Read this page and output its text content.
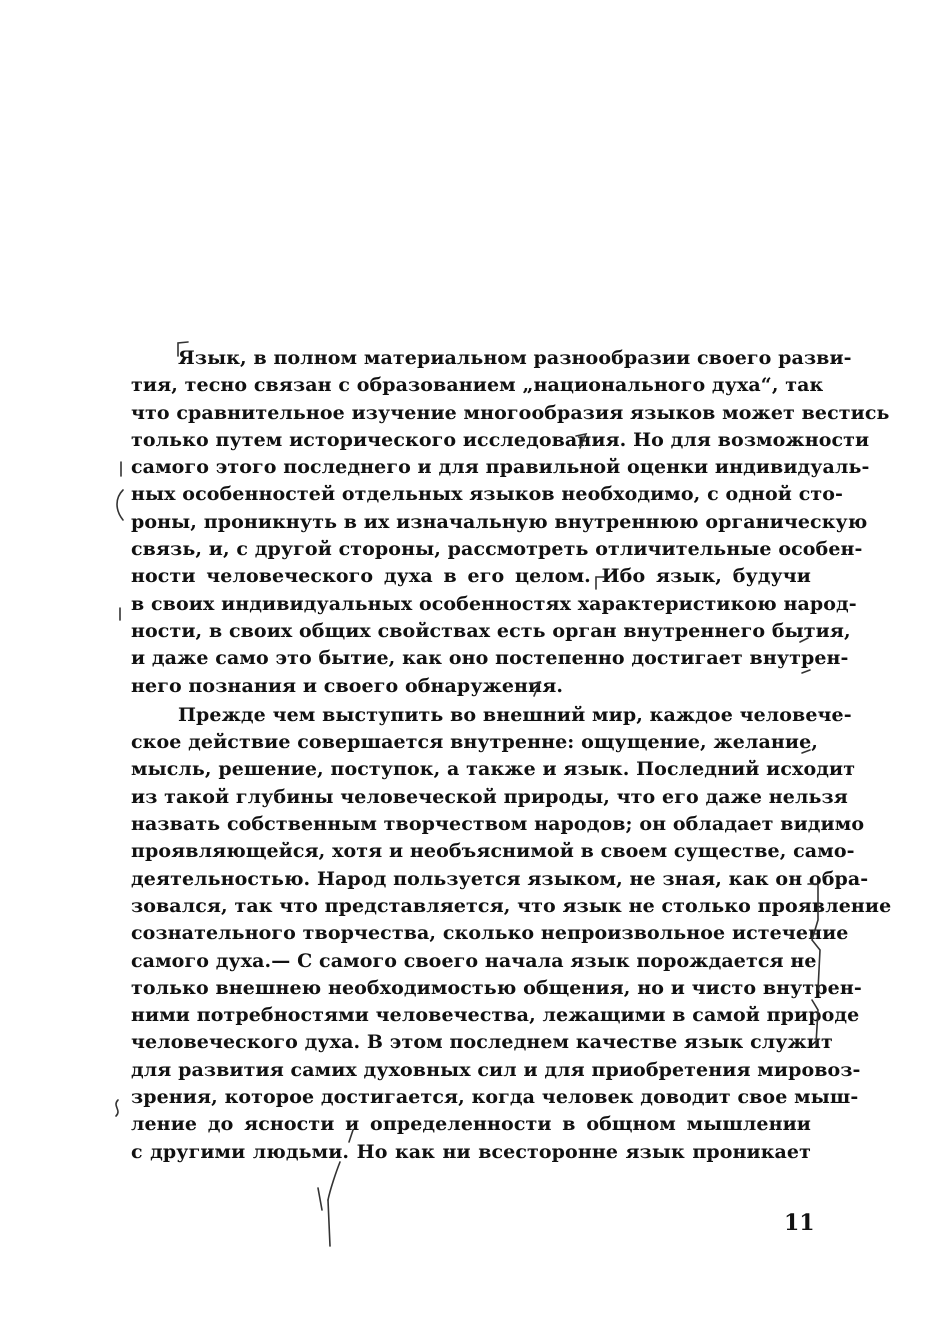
Язык, в полном материальном разнообразии своего разви-
тия, тесно связан с образованием „национального духа“, так
что сравнительное изучение многообразия языков может вестись
только путем исторического исследования. Но для возможности
самого этого последнего и для правильной оценки индивидуаль-
ных особенностей отдельных языков необходимо, с одной сто-
роны, проникнуть в их изначальную внутреннюю органическую
связь, и, с другой стороны, рассмотреть отличительные особен-
ности человеческого духа в его целом. Ибо язык, будучи
в своих индивидуальных особенностях характеристикою народ-
ности, в своих общих свойствах есть орган внутреннего бытия,
и даже само это бытие, как оно постепенно достигает внутрен-
него познания и своего обнаружения.

Прежде чем выступить во внешний мир, каждое человече-
ское действие совершается внутренне: ощущение, желание,
мысль, решение, поступок, а также и язык. Последний исходит
из такой глубины человеческой природы, что его даже нельзя
назвать собственным творчеством народов; он обладает видимо
проявляющейся, хотя и необъяснимой в своем существе, само-
деятельностью. Народ пользуется языком, не зная, как он обра-
зовался, так что представляется, что язык не столько проявление
сознательного творчества, сколько непроизвольное истечение
самого духа.— С самого своего начала язык порождается не
только внешнею необходимостью общения, но и чисто внутрен-
ними потребностями человечества, лежащими в самой природе
человеческого духа. В этом последнем качестве язык служит
для развития самих духовных сил и для приобретения мировоз-
зрения, которое достигается, когда человек доводит свое мыш-
ление до ясности и определенности в общном мышлении
с другими людьми. Но как ни всесторонне язык проникает

11
